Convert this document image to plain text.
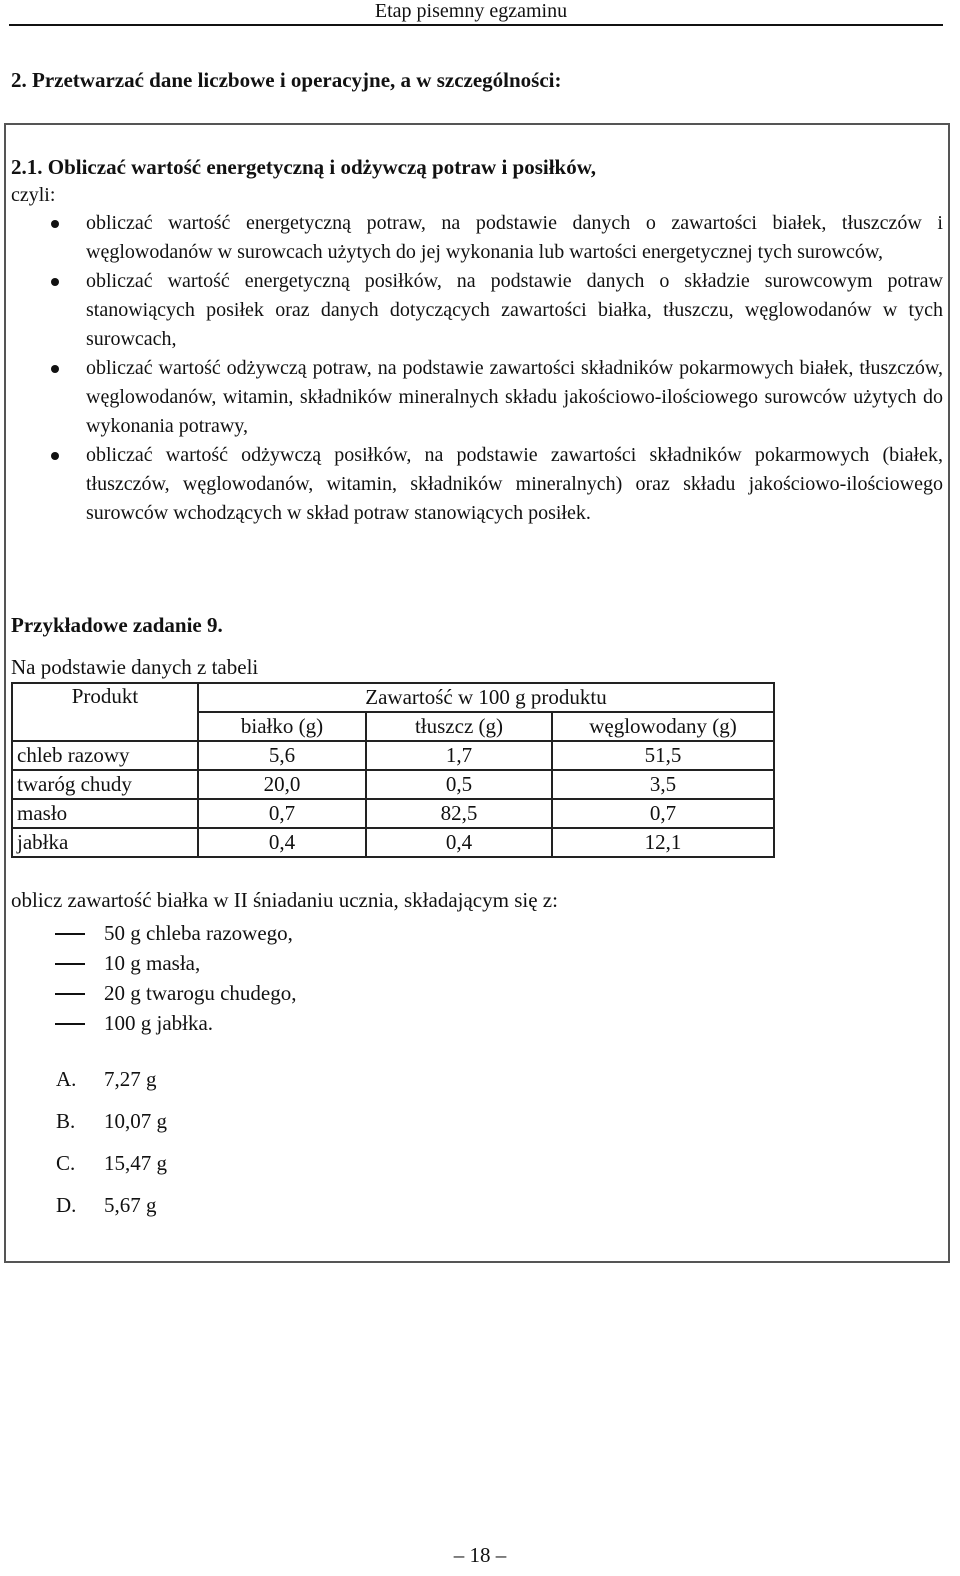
Etap pisemny egzaminu
2. Przetwarzać dane liczbowe i operacyjne, a w szczególności:
2.1. Obliczać wartość energetyczną i odżywczą potraw i posiłków,
czyli:
obliczać wartość energetyczną potraw, na podstawie danych o zawartości białek, tłuszczów i węglowodanów w surowcach użytych do jej wykonania lub wartości energetycznej tych surowców,
obliczać wartość energetyczną posiłków, na podstawie danych o składzie surowcowym potraw stanowiących posiłek oraz danych dotyczących zawartości białka, tłuszczu, węglowodanów w tych surowcach,
obliczać wartość odżywczą potraw, na podstawie zawartości składników pokarmowych białek, tłuszczów, węglowodanów, witamin, składników mineralnych składu jakościowo-ilościowego surowców użytych do wykonania potrawy,
obliczać wartość odżywczą posiłków, na podstawie zawartości składników pokarmowych (białek, tłuszczów, węglowodanów, witamin, składników mineralnych) oraz składu jakościowo-ilościowego surowców wchodzących w skład potraw stanowiących posiłek.
Przykładowe zadanie 9.
Na podstawie danych z tabeli
Produkt	Zawartość w 100 g produktu		
	białko (g)	tłuszcz (g)	węglowodany (g)
chleb razowy	5,6	1,7	51,5
twaróg chudy	20,0	0,5	3,5
masło	0,7	82,5	0,7
jabłka	0,4	0,4	12,1
oblicz zawartość białka w II śniadaniu ucznia, składającym się z:
50 g chleba razowego,
10 g masła,
20 g twarogu chudego,
100 g jabłka.
A. 7,27 g
B. 10,07 g
C. 15,47 g
D. 5,67 g
– 18 –
